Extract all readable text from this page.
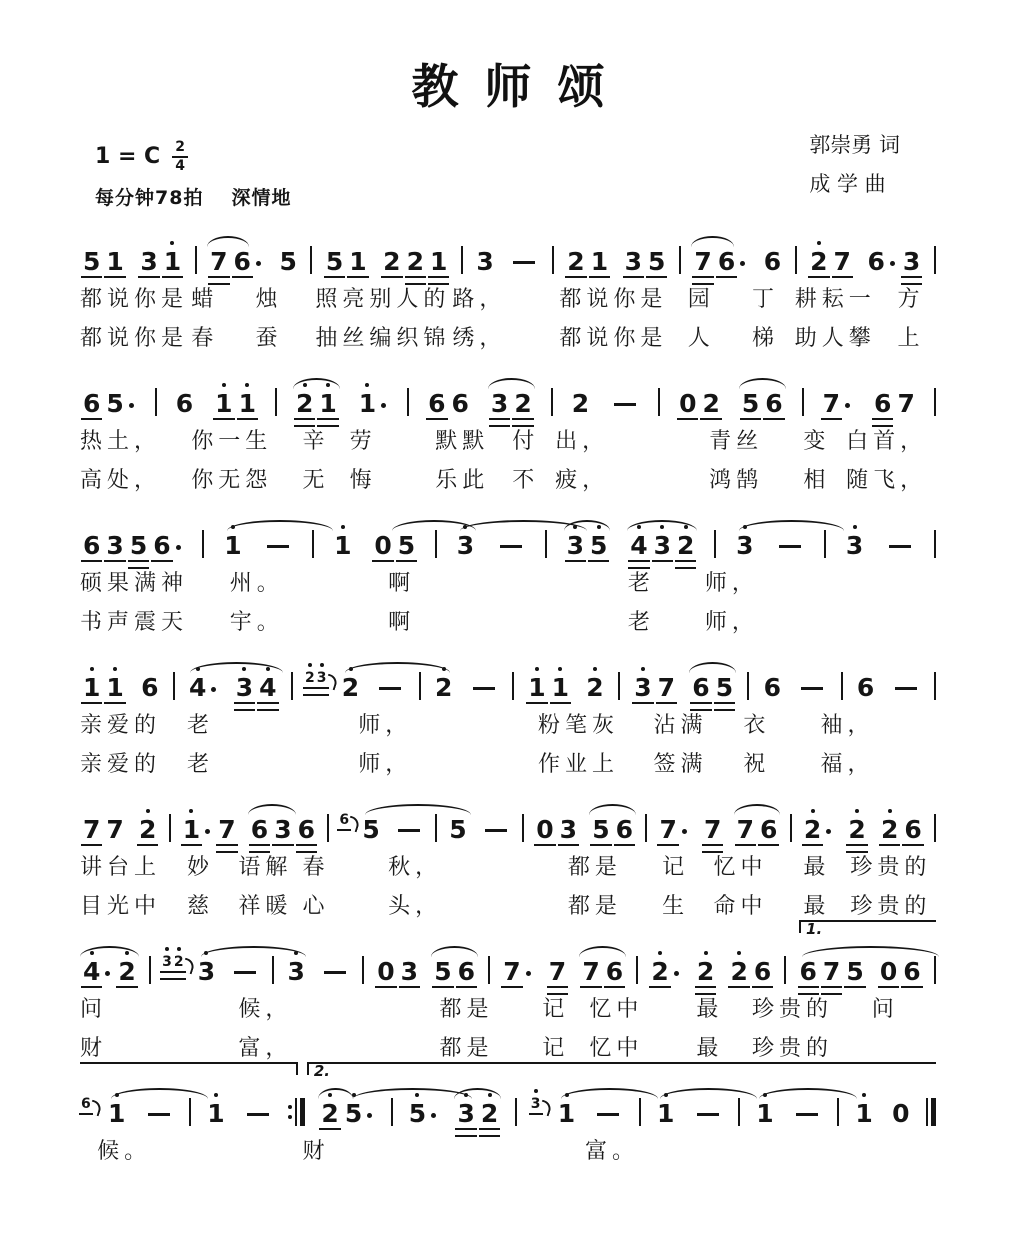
教师颂
1 = C $\frac{2}{4}$	郭崇勇 词
成 学 曲
每分钟78拍 深情地
5 1 3 1 7 6 5 5 1 2 2 1 3	2 1 3 5 7 6 6 2 7 6 3
都说你是 蜡 烛 照亮别人的 路， 都说你是 园 丁 耕耘一 方
都说你是 春 蚕 抽丝编织锦 绣， 都说你是 人 梯 助人攀 上
6 5 6 1 1 2 1 1 6 6 3 2 2	0 2 5 6 7 6 7
热土， 你一生 辛 劳	默默 付 出，	青丝 变 白首，
高处， 你无怨 无 悔	乐此 不 疲，	鸿鹄 相 随飞，
6 3 5 6 1	1 0 5 3	3 5 4 3 2 3	3
硕果满神 州。	啊	老 师，
书声震天 宇。	啊	老 师，
1 1 6 4 3 4 2 3 2	2	1 1 2 3 7 6 5 6	6
亲爱的 老	师，	粉笔灰 沾满 衣 袖，
亲爱的 老	师，	作业上 签满 祝 福，
7 7 2 1 7 6 3 6 6 5	5	0 3 5 6 7 7 7 6 2 2 2 6
讲台上 妙 语解 春	秋，	都是 记 忆中 最 珍贵的
目光中 慈 祥暖 心	头，	都是 生 命中 最 珍贵的
1.
4 2 3 2 3	3	0 3 5 6 7 7 7 6 2 2 2 6 6 7 5 0 6
问	候，	都是 记 忆中 最 珍贵的 问
财	富，	都是 记 忆中 最 珍贵的
2.
6 1	1	2 5 5 3 2 3 1	1	1	1 0
候。	财	富。
